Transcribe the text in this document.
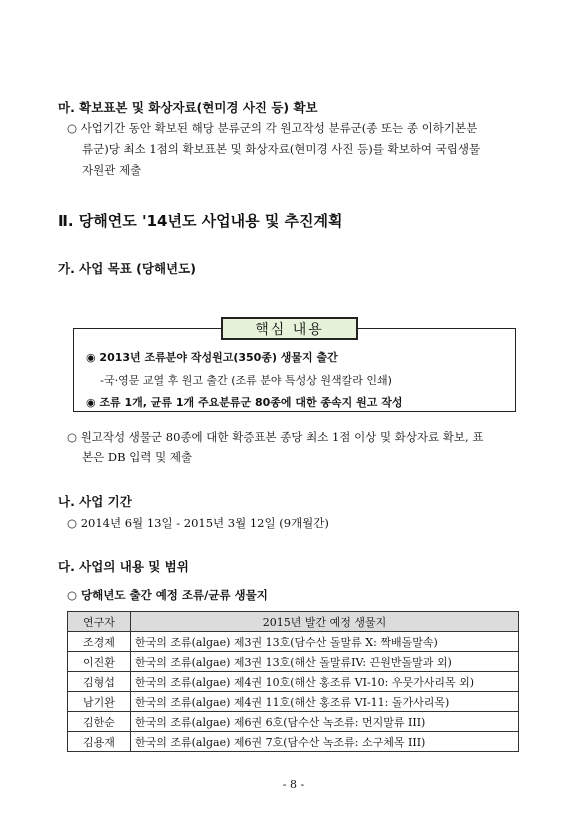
마. 확보표본 및 화상자료(현미경 사진 등) 확보
○ 사업기간 동안 확보된 해당 분류군의 각 원고작성 분류군(종 또는 종 이하기본분
류군)당 최소 1점의 확보표본 및 화상자료(현미경 사진 등)를 확보하여 국립생물
자원관 제출
Ⅱ. 당해연도 '14년도 사업내용 및 추진계획
가. 사업 목표 (당해년도)
핵심 내용
◉ 2013년 조류분야 작성원고(350종) 생물지 출간
-국·영문 교열 후 원고 출간 (조류 분야 특성상 원색칼라 인쇄)
◉ 조류 1개, 균류 1개 주요분류군 80종에 대한 종속지 원고 작성
○ 원고작성 생물군 80종에 대한 확증표본 종당 최소 1점 이상 및 화상자료 확보, 표
본은 DB 입력 및 제출
나. 사업 기간
○ 2014년 6월 13일 - 2015년 3월 12일 (9개월간)
다. 사업의 내용 및 범위
○ 당해년도 출간 예정 조류/균류 생물지
연구자	2015년 발간 예정 생물지
조경제	한국의 조류(algae) 제3권 13호(담수산 돌말류 X: 짝배돌말속)
이진환	한국의 조류(algae) 제3권 13호(해산 돌말류IV: 끈원반돌말과 외)
김형섭	한국의 조류(algae) 제4권 10호(해산 홍조류 VI-10: 우뭇가사리목 외)
남기완	한국의 조류(algae) 제4권 11호(해산 홍조류 VI-11: 돌가사리목)
김한순	한국의 조류(algae) 제6권 6호(담수산 녹조류: 먼지말류 III)
김용재	한국의 조류(algae) 제6권 7호(담수산 녹조류: 소구체목 III)
- 8 -
